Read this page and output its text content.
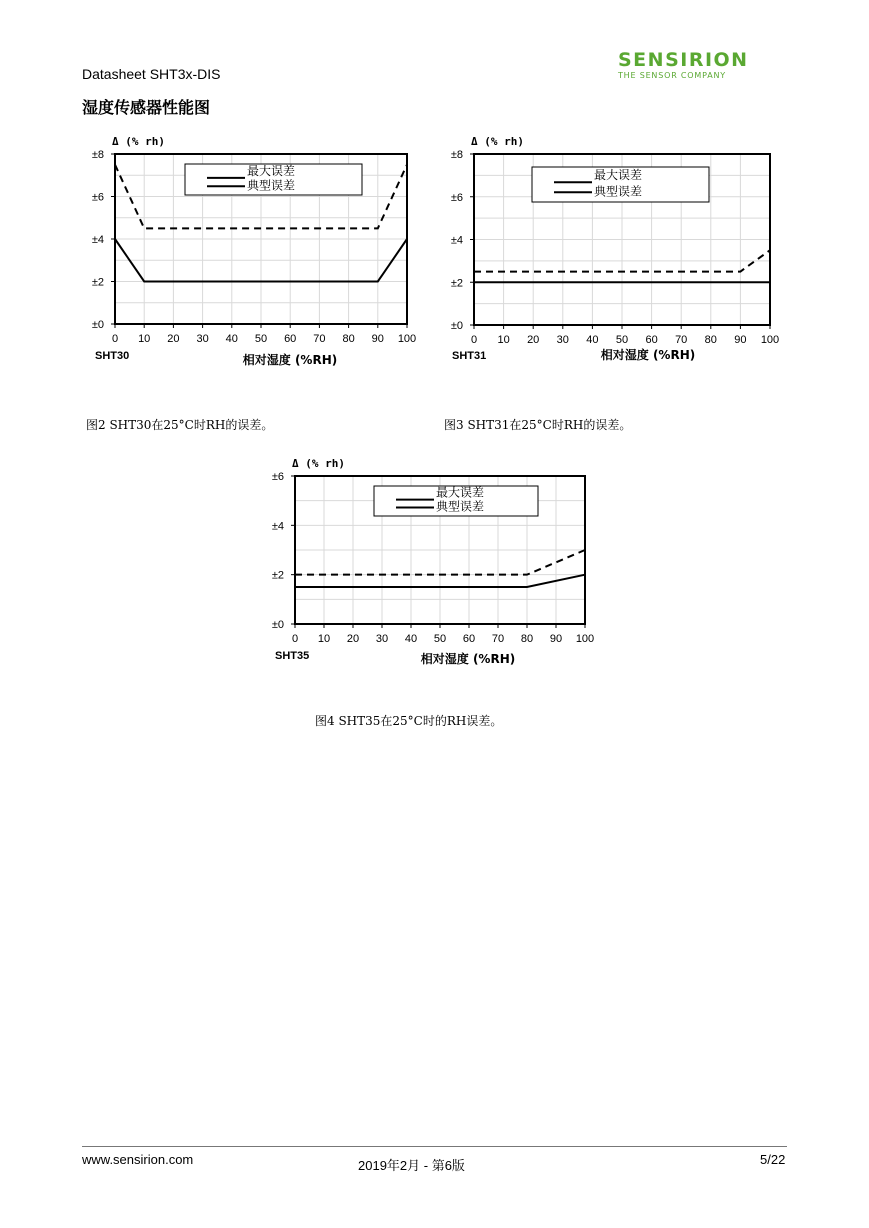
Datasheet SHT3x-DIS
湿度传感器性能图
SENSIRION
THE SENSOR COMPANY
±0
±2
±4
±6
±8
0 10 20 30 40 50 60 70 80 90 100
Δ (% rh)
SHT30	相对湿度 (%RH)
最大误差
典型误差
图2 SHT30在25°C时RH的误差。
±0
±2
±4
±6
±8
0 10 20 30 40 50 60 70 80 90 100
Δ (% rh)
SHT31	相对湿度 (%RH)
最大误差
典型误差
图3 SHT31在25°C时RH的误差。
±0
±2
±4
±6
0 10 20 30 40 50 60 70 80 90 100
Δ (% rh)
SHT35	相对湿度 (%RH)
最大误差
典型误差
图4 SHT35在25°C时的RH误差。
www.sensirion.com	2019年2月 - 第6版	5/22
